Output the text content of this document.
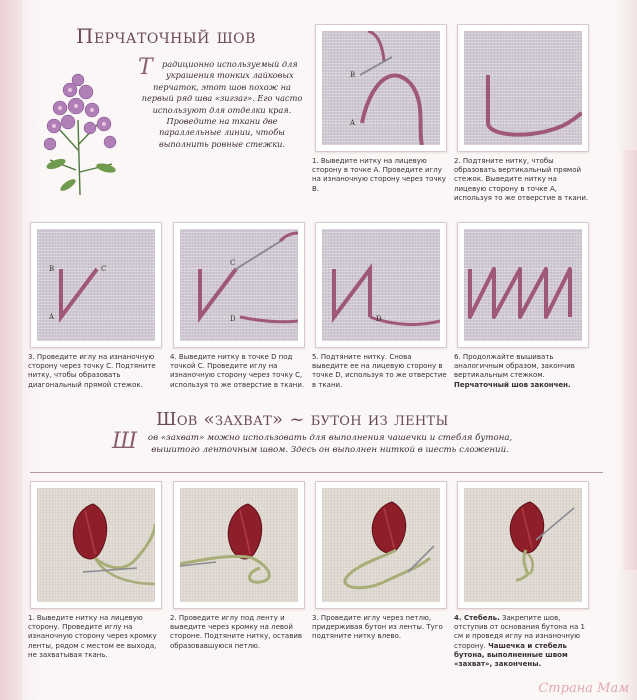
Перчаточный шов
Т радиционно используемый для украшения тонких лайковых перчаток, этот шов похож на первый ряд шва «зигзаг». Его часто используют для отделки края. Проведите на ткани две параллельные линии, чтобы выполнить ровные стежки.
B
A
1. Выведите нитку на лицевую сторону в точке A. Проведите иглу на изнаночную сторону через точку B.
2. Подтяните нитку, чтобы образовать вертикальный прямой стежок. Выведите нитку на лицевую сторону в точке A, используя то же отверстие в ткани.
B	C
A
3. Проведите иглу на изнаночную сторону через точку C. Подтяните нитку, чтобы образовать диагональный прямой стежок.
C
D
4. Выведите нитку в точке D под точкой C. Проведите иглу на изнаночную сторону через точку C, используя то же отверстие в ткани.
D
5. Подтяните нитку. Снова выведите ее на лицевую сторону в точке D, используя то же отверстие в ткани.
6. Продолжайте вышивать аналогичным образом, закончив вертикальным стежком. Перчаточный шов закончен.
Шов «захват» ~ бутон из ленты
Ш ов «захват» можно использовать для выполнения чашечки и стебля бутона, вышитого ленточным швом. Здесь он выполнен ниткой в шесть сложений.
1. Выведите нитку на лицевую сторону. Проведите иглу на изнаночную сторону через кромку ленты, рядом с местом ее выхода, не захватывая ткань.
2. Проведите иглу под ленту и выведите через кромку на левой стороне. Подтяните нитку, оставив образовавшуюся петлю.
3. Проведите иглу через петлю, придерживая бутон из ленты. Туго подтяните нитку влево.
4. Стебель. Закрепите шов, отступив от основания бутона на 1 см и проведя иглу на изнаночную сторону. Чашечка и стебель бутона, выполненные швом «захват», закончены.
Страна Мам
